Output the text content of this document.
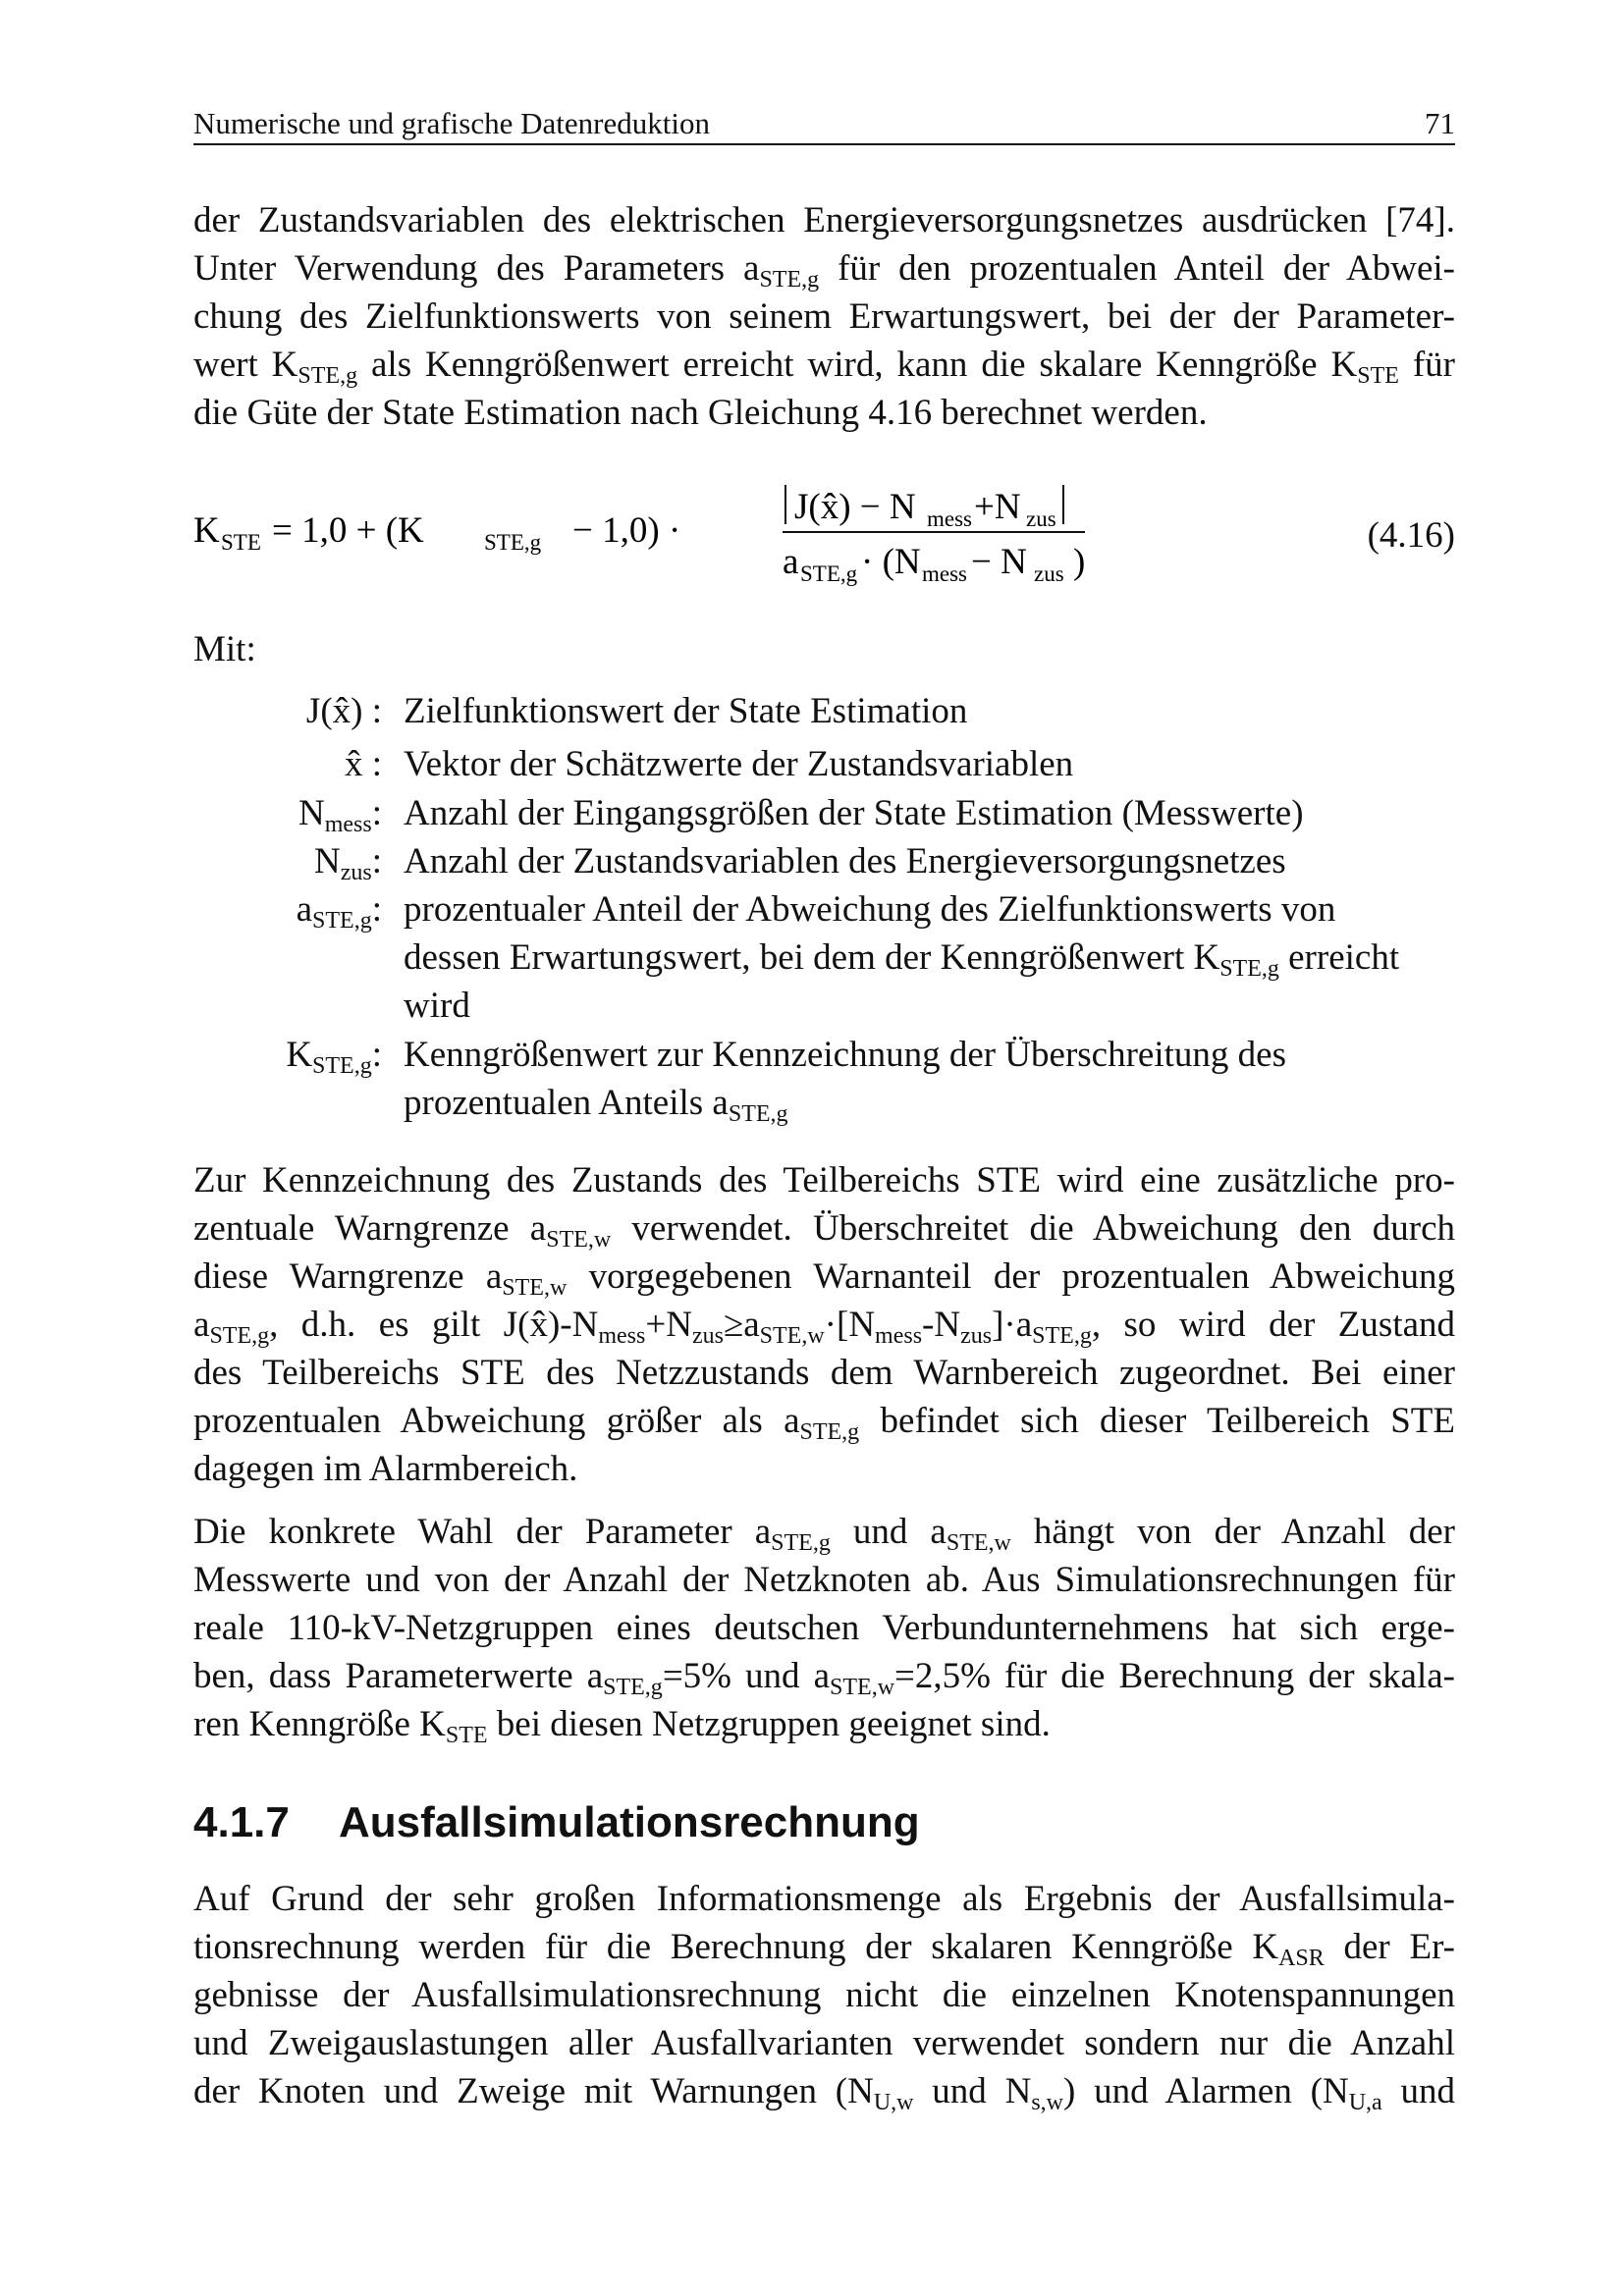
Numerische und grafische Datenreduktion	71
der Zustandsvariablen des elektrischen Energieversorgungsnetzes ausdrücken [74].
Unter Verwendung des Parameters $a_{STE,g}$ für den prozentualen Anteil der Abwei-
chung des Zielfunktionswerts von seinem Erwartungswert, bei der der Parameter-
wert $K_{STE,g}$ als Kenngrößenwert erreicht wird, kann die skalare Kenngröße $K_{STE}$ für
die Güte der State Estimation nach Gleichung 4.16 berechnet werden.
K STE = 1,0 + (K	STE,g − 1,0) ·
J(x̂) − N mess +N zus
a STE,g · (N mess − N zus )
(4.16)
Mit:
J(x̂) : Zielfunktionswert der State Estimation
x̂ : Vektor der Schätzwerte der Zustandsvariablen
$N_{mess}$: Anzahl der Eingangsgrößen der State Estimation (Messwerte)
$N_{zus}$: Anzahl der Zustandsvariablen des Energieversorgungsnetzes
$a_{STE,g}$: prozentualer Anteil der Abweichung des Zielfunktionswerts von
dessen Erwartungswert, bei dem der Kenngrößenwert $K_{STE,g}$ erreicht
wird
$K_{STE,g}$: Kenngrößenwert zur Kennzeichnung der Überschreitung des
prozentualen Anteils $a_{STE,g}$
Zur Kennzeichnung des Zustands des Teilbereichs STE wird eine zusätzliche pro-
zentuale Warngrenze $a_{STE,w}$ verwendet. Überschreitet die Abweichung den durch
diese Warngrenze $a_{STE,w}$ vorgegebenen Warnanteil der prozentualen Abweichung
$a_{STE,g}$, d.h. es gilt $J(x̂)-N_{mess}+N_{zus}\ge a_{STE,w}\cdot[N_{mess}-N_{zus}]\cdot a_{STE,g}$, so wird der Zustand
des Teilbereichs STE des Netzzustands dem Warnbereich zugeordnet. Bei einer
prozentualen Abweichung größer als $a_{STE,g}$ befindet sich dieser Teilbereich STE
dagegen im Alarmbereich.
Die konkrete Wahl der Parameter $a_{STE,g}$ und $a_{STE,w}$ hängt von der Anzahl der
Messwerte und von der Anzahl der Netzknoten ab. Aus Simulationsrechnungen für
reale 110-kV-Netzgruppen eines deutschen Verbundunternehmens hat sich erge-
ben, dass Parameterwerte $a_{STE,g}=5\%$ und $a_{STE,w}=2,5\%$ für die Berechnung der skala-
ren Kenngröße $K_{STE}$ bei diesen Netzgruppen geeignet sind.
4.1.7 Ausfallsimulationsrechnung
Auf Grund der sehr großen Informationsmenge als Ergebnis der Ausfallsimula-
tionsrechnung werden für die Berechnung der skalaren Kenngröße $K_{ASR}$ der Er-
gebnisse der Ausfallsimulationsrechnung nicht die einzelnen Knotenspannungen
und Zweigauslastungen aller Ausfallvarianten verwendet sondern nur die Anzahl
der Knoten und Zweige mit Warnungen ($N_{U,w}$ und $N_{s,w}$) und Alarmen ($N_{U,a}$ und
